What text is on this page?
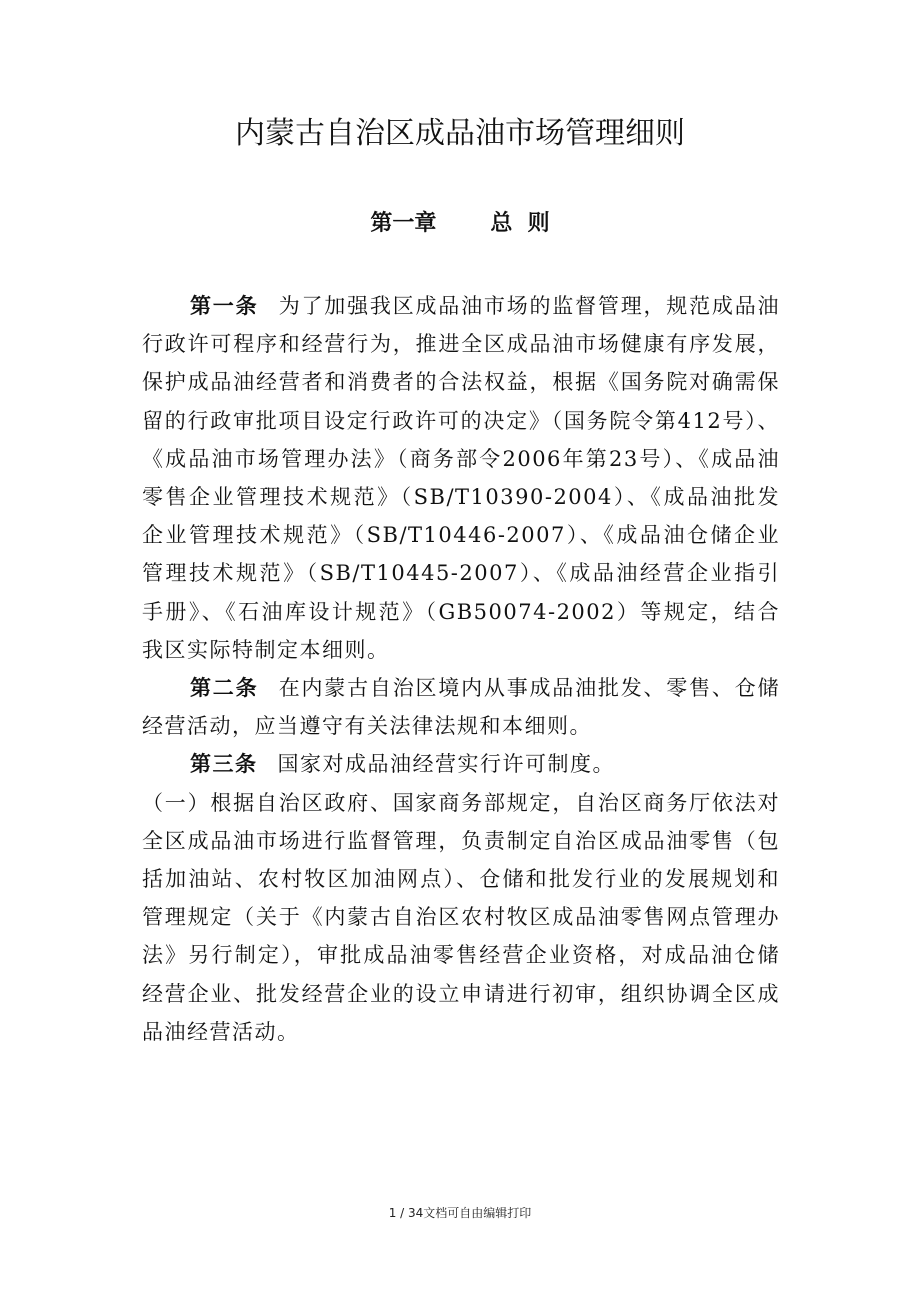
内蒙古自治区成品油市场管理细则
第一章 总  则

第一条 为了加强我区成品油市场的监督管理，规范成品油行政许可程序和经营行为，推进全区成品油市场健康有序发展，保护成品油经营者和消费者的合法权益，根据《国务院对确需保留的行政审批项目设定行政许可的决定》（国务院令第412号）、《成品油市场管理办法》（商务部令2006年第23号）、《成品油零售企业管理技术规范》（SB/T10390-2004）、《成品油批发企业管理技术规范》（SB/T10446-2007）、《成品油仓储企业管理技术规范》（SB/T10445-2007）、《成品油经营企业指引手册》、《石油库设计规范》（GB50074-2002）等规定，结合我区实际特制定本细则。

第二条 在内蒙古自治区境内从事成品油批发、零售、仓储经营活动，应当遵守有关法律法规和本细则。

第三条 国家对成品油经营实行许可制度。

（一）根据自治区政府、国家商务部规定，自治区商务厅依法对全区成品油市场进行监督管理，负责制定自治区成品油零售（包括加油站、农村牧区加油网点）、仓储和批发行业的发展规划和管理规定（关于《内蒙古自治区农村牧区成品油零售网点管理办法》另行制定），审批成品油零售经营企业资格，对成品油仓储经营企业、批发经营企业的设立申请进行初审，组织协调全区成品油经营活动。

1 / 34文档可自由编辑打印
